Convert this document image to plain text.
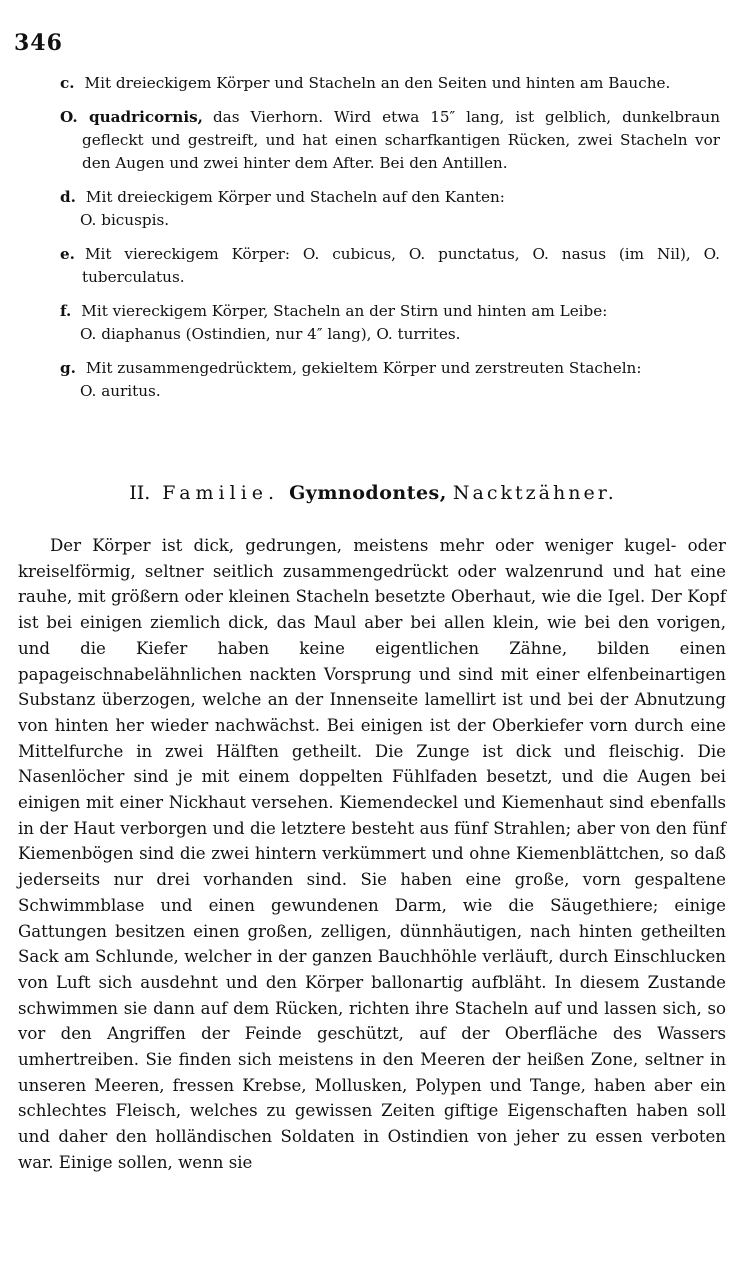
346
c. Mit dreieckigem Körper und Stacheln an den Seiten und hinten am Bauche.
O. quadricornis, das Vierhorn. Wird etwa 15″ lang, ist gelblich, dunkelbraun gefleckt und gestreift, und hat einen scharfkantigen Rücken, zwei Stacheln vor den Augen und zwei hinter dem After. Bei den Antillen.
d. Mit dreieckigem Körper und Stacheln auf den Kanten:
O. bicuspis.
e. Mit viereckigem Körper: O. cubicus, O. punctatus, O. nasus (im Nil), O. tuberculatus.
f. Mit viereckigem Körper, Stacheln an der Stirn und hinten am Leibe:
O. diaphanus (Ostindien, nur 4″ lang), O. turrites.
g. Mit zusammengedrücktem, gekieltem Körper und zerstreuten Stacheln:
O. auritus.
II. Familie. Gymnodontes, Nacktzähner.

Der Körper ist dick, gedrungen, meistens mehr oder weniger kugel- oder kreiselförmig, seltner seitlich zusammengedrückt oder walzenrund und hat eine rauhe, mit größern oder kleinen Stacheln besetzte Oberhaut, wie die Igel. Der Kopf ist bei einigen ziemlich dick, das Maul aber bei allen klein, wie bei den vorigen, und die Kiefer haben keine eigentlichen Zähne, bilden einen papageischnabelähnlichen nackten Vorsprung und sind mit einer elfenbeinartigen Substanz überzogen, welche an der Innenseite lamellirt ist und bei der Abnutzung von hinten her wieder nachwächst. Bei einigen ist der Oberkiefer vorn durch eine Mittelfurche in zwei Hälften getheilt. Die Zunge ist dick und fleischig. Die Nasenlöcher sind je mit einem doppelten Fühlfaden besetzt, und die Augen bei einigen mit einer Nickhaut versehen. Kiemendeckel und Kiemenhaut sind ebenfalls in der Haut verborgen und die letztere besteht aus fünf Strahlen; aber von den fünf Kiemenbögen sind die zwei hintern verkümmert und ohne Kiemenblättchen, so daß jederseits nur drei vorhanden sind. Sie haben eine große, vorn gespaltene Schwimmblase und einen gewundenen Darm, wie die Säugethiere; einige Gattungen besitzen einen großen, zelligen, dünnhäutigen, nach hinten getheilten Sack am Schlunde, welcher in der ganzen Bauchhöhle verläuft, durch Einschlucken von Luft sich ausdehnt und den Körper ballonartig aufbläht. In diesem Zustande schwimmen sie dann auf dem Rücken, richten ihre Stacheln auf und lassen sich, so vor den Angriffen der Feinde geschützt, auf der Oberfläche des Wassers umhertreiben. Sie finden sich meistens in den Meeren der heißen Zone, seltner in unseren Meeren, fressen Krebse, Mollusken, Polypen und Tange, haben aber ein schlechtes Fleisch, welches zu gewissen Zeiten giftige Eigenschaften haben soll und daher den holländischen Soldaten in Ostindien von jeher zu essen verboten war. Einige sollen, wenn sie
